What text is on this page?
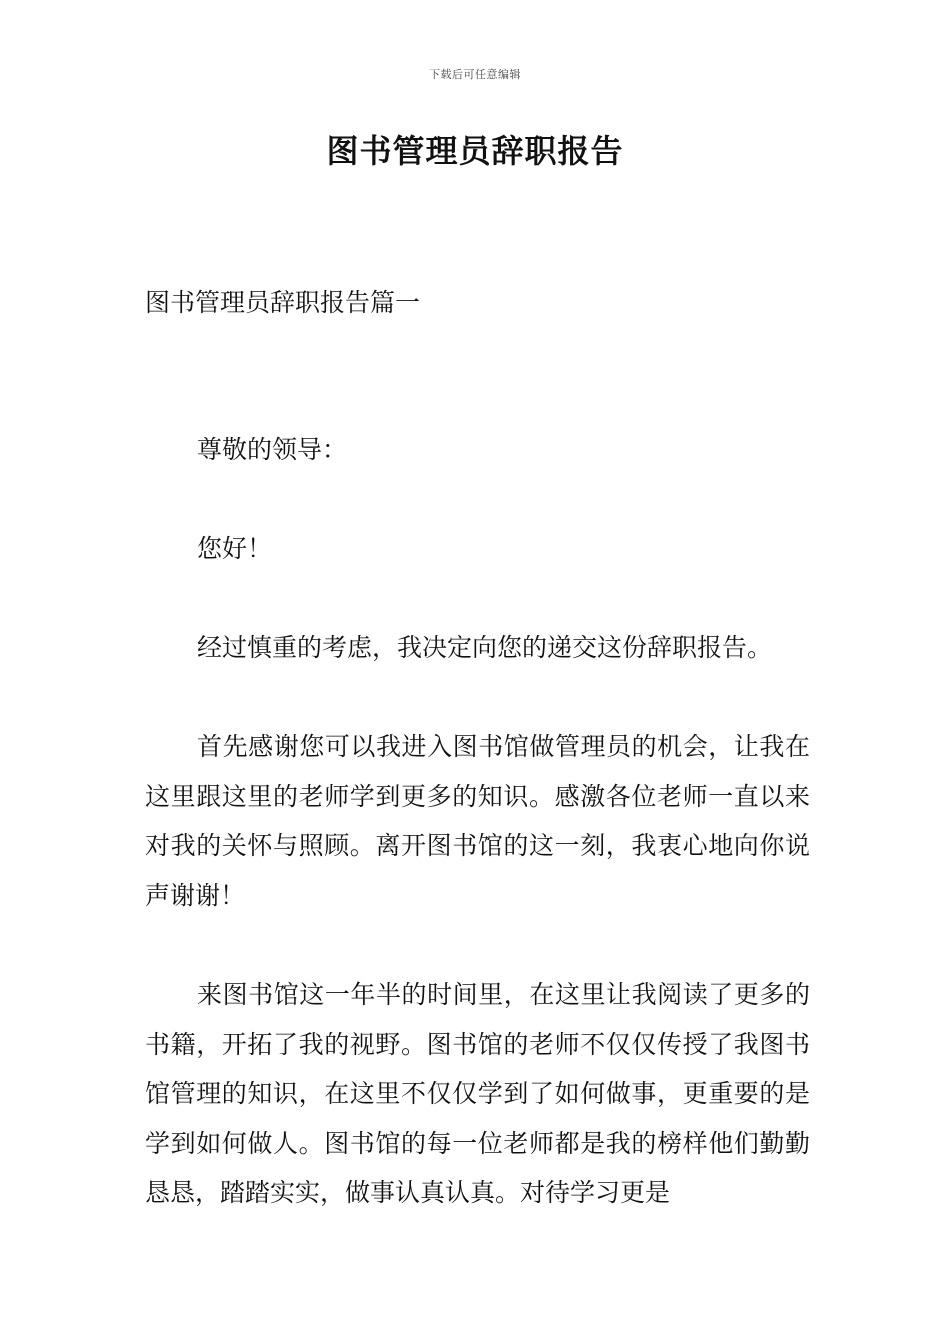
下载后可任意编辑
图书管理员辞职报告
图书管理员辞职报告篇一

尊敬的领导：

您好！

经过慎重的考虑，我决定向您的递交这份辞职报告。

首先感谢您可以我进入图书馆做管理员的机会，让我在这里跟这里的老师学到更多的知识。感激各位老师一直以来对我的关怀与照顾。离开图书馆的这一刻，我衷心地向你说声谢谢！

来图书馆这一年半的时间里，在这里让我阅读了更多的书籍，开拓了我的视野。图书馆的老师不仅仅传授了我图书馆管理的知识，在这里不仅仅学到了如何做事，更重要的是学到如何做人。图书馆的每一位老师都是我的榜样他们勤勤恳恳，踏踏实实，做事认真认真。对待学习更是
